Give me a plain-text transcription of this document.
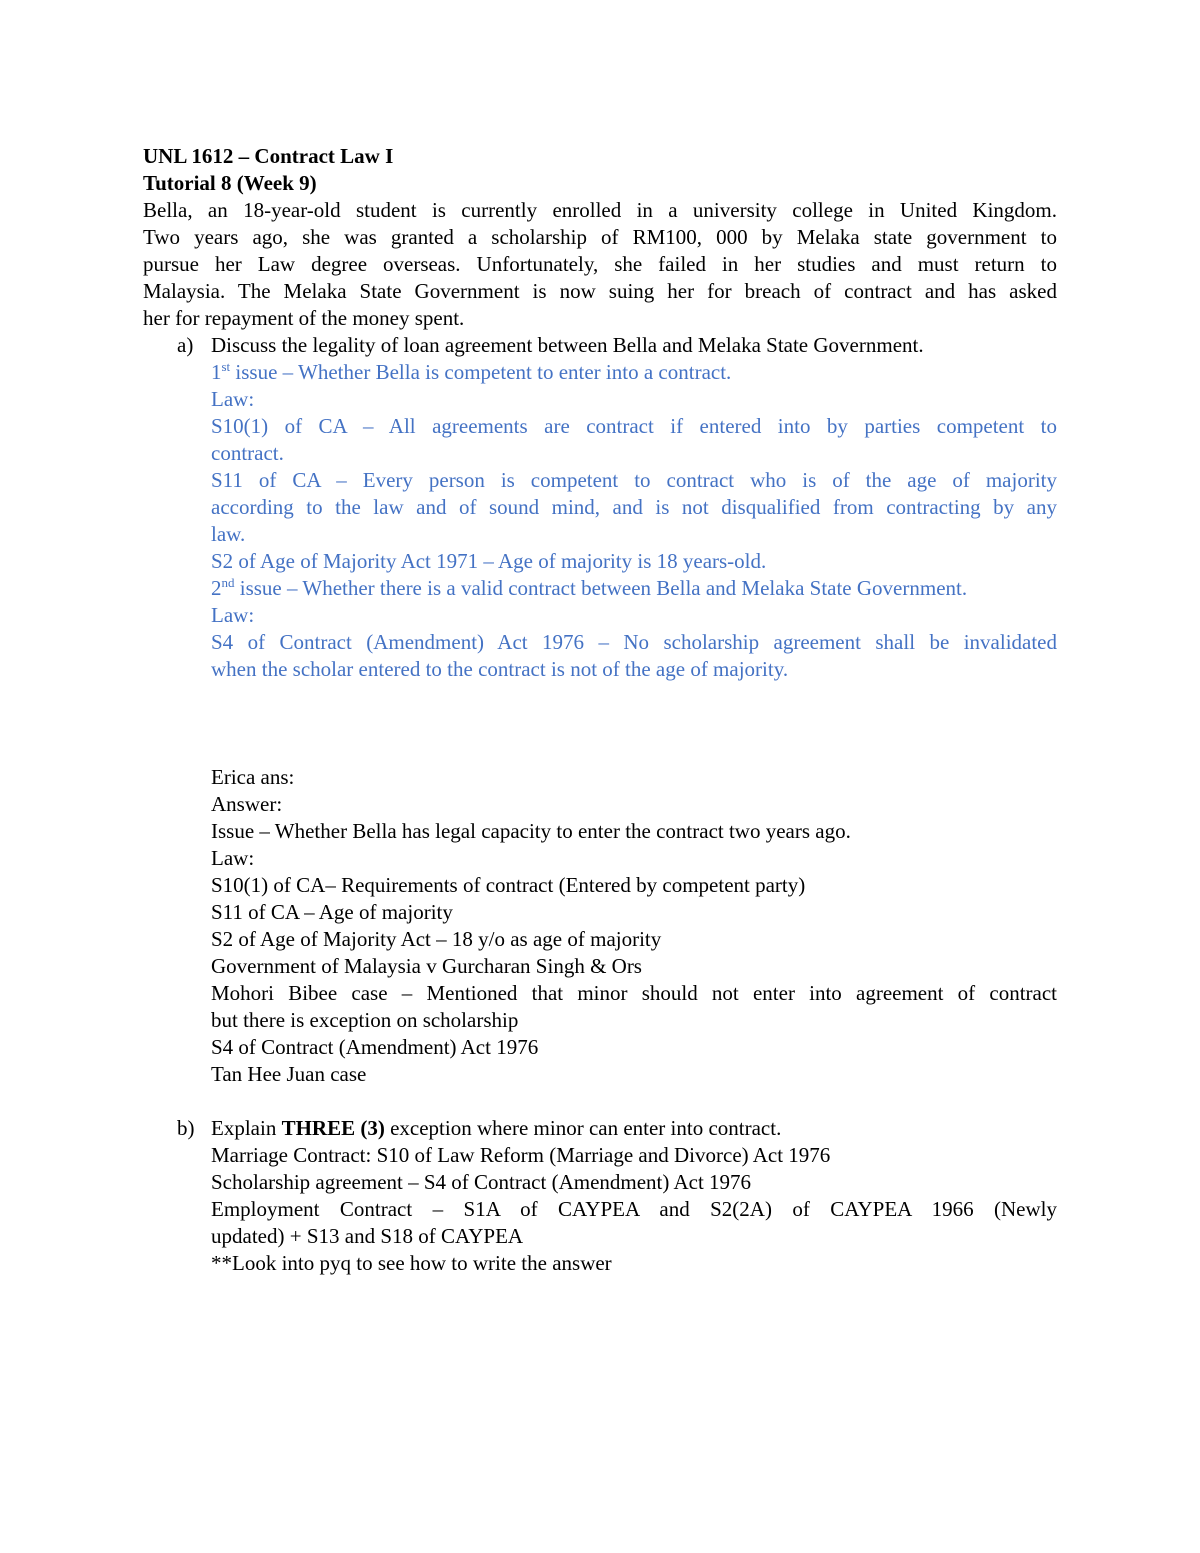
UNL 1612 – Contract Law I
Tutorial 8 (Week 9)
Bella, an 18-year-old student is currently enrolled in a university college in United Kingdom.
Two years ago, she was granted a scholarship of RM100, 000 by Melaka state government to
pursue her Law degree overseas. Unfortunately, she failed in her studies and must return to
Malaysia. The Melaka State Government is now suing her for breach of contract and has asked
her for repayment of the money spent.
a) Discuss the legality of loan agreement between Bella and Melaka State Government.
1st issue – Whether Bella is competent to enter into a contract.
Law:
S10(1) of CA – All agreements are contract if entered into by parties competent to
contract.
S11 of CA – Every person is competent to contract who is of the age of majority
according to the law and of sound mind, and is not disqualified from contracting by any
law.
S2 of Age of Majority Act 1971 – Age of majority is 18 years-old.
2nd issue – Whether there is a valid contract between Bella and Melaka State Government.
Law:
S4 of Contract (Amendment) Act 1976 – No scholarship agreement shall be invalidated
when the scholar entered to the contract is not of the age of majority.
Erica ans:
Answer:
Issue – Whether Bella has legal capacity to enter the contract two years ago.
Law:
S10(1) of CA– Requirements of contract (Entered by competent party)
S11 of CA – Age of majority
S2 of Age of Majority Act – 18 y/o as age of majority
Government of Malaysia v Gurcharan Singh & Ors
Mohori Bibee case – Mentioned that minor should not enter into agreement of contract
but there is exception on scholarship
S4 of Contract (Amendment) Act 1976
Tan Hee Juan case
b) Explain THREE (3) exception where minor can enter into contract.
Marriage Contract: S10 of Law Reform (Marriage and Divorce) Act 1976
Scholarship agreement – S4 of Contract (Amendment) Act 1976
Employment Contract – S1A of CAYPEA and S2(2A) of CAYPEA 1966 (Newly
updated) + S13 and S18 of CAYPEA
**Look into pyq to see how to write the answer
